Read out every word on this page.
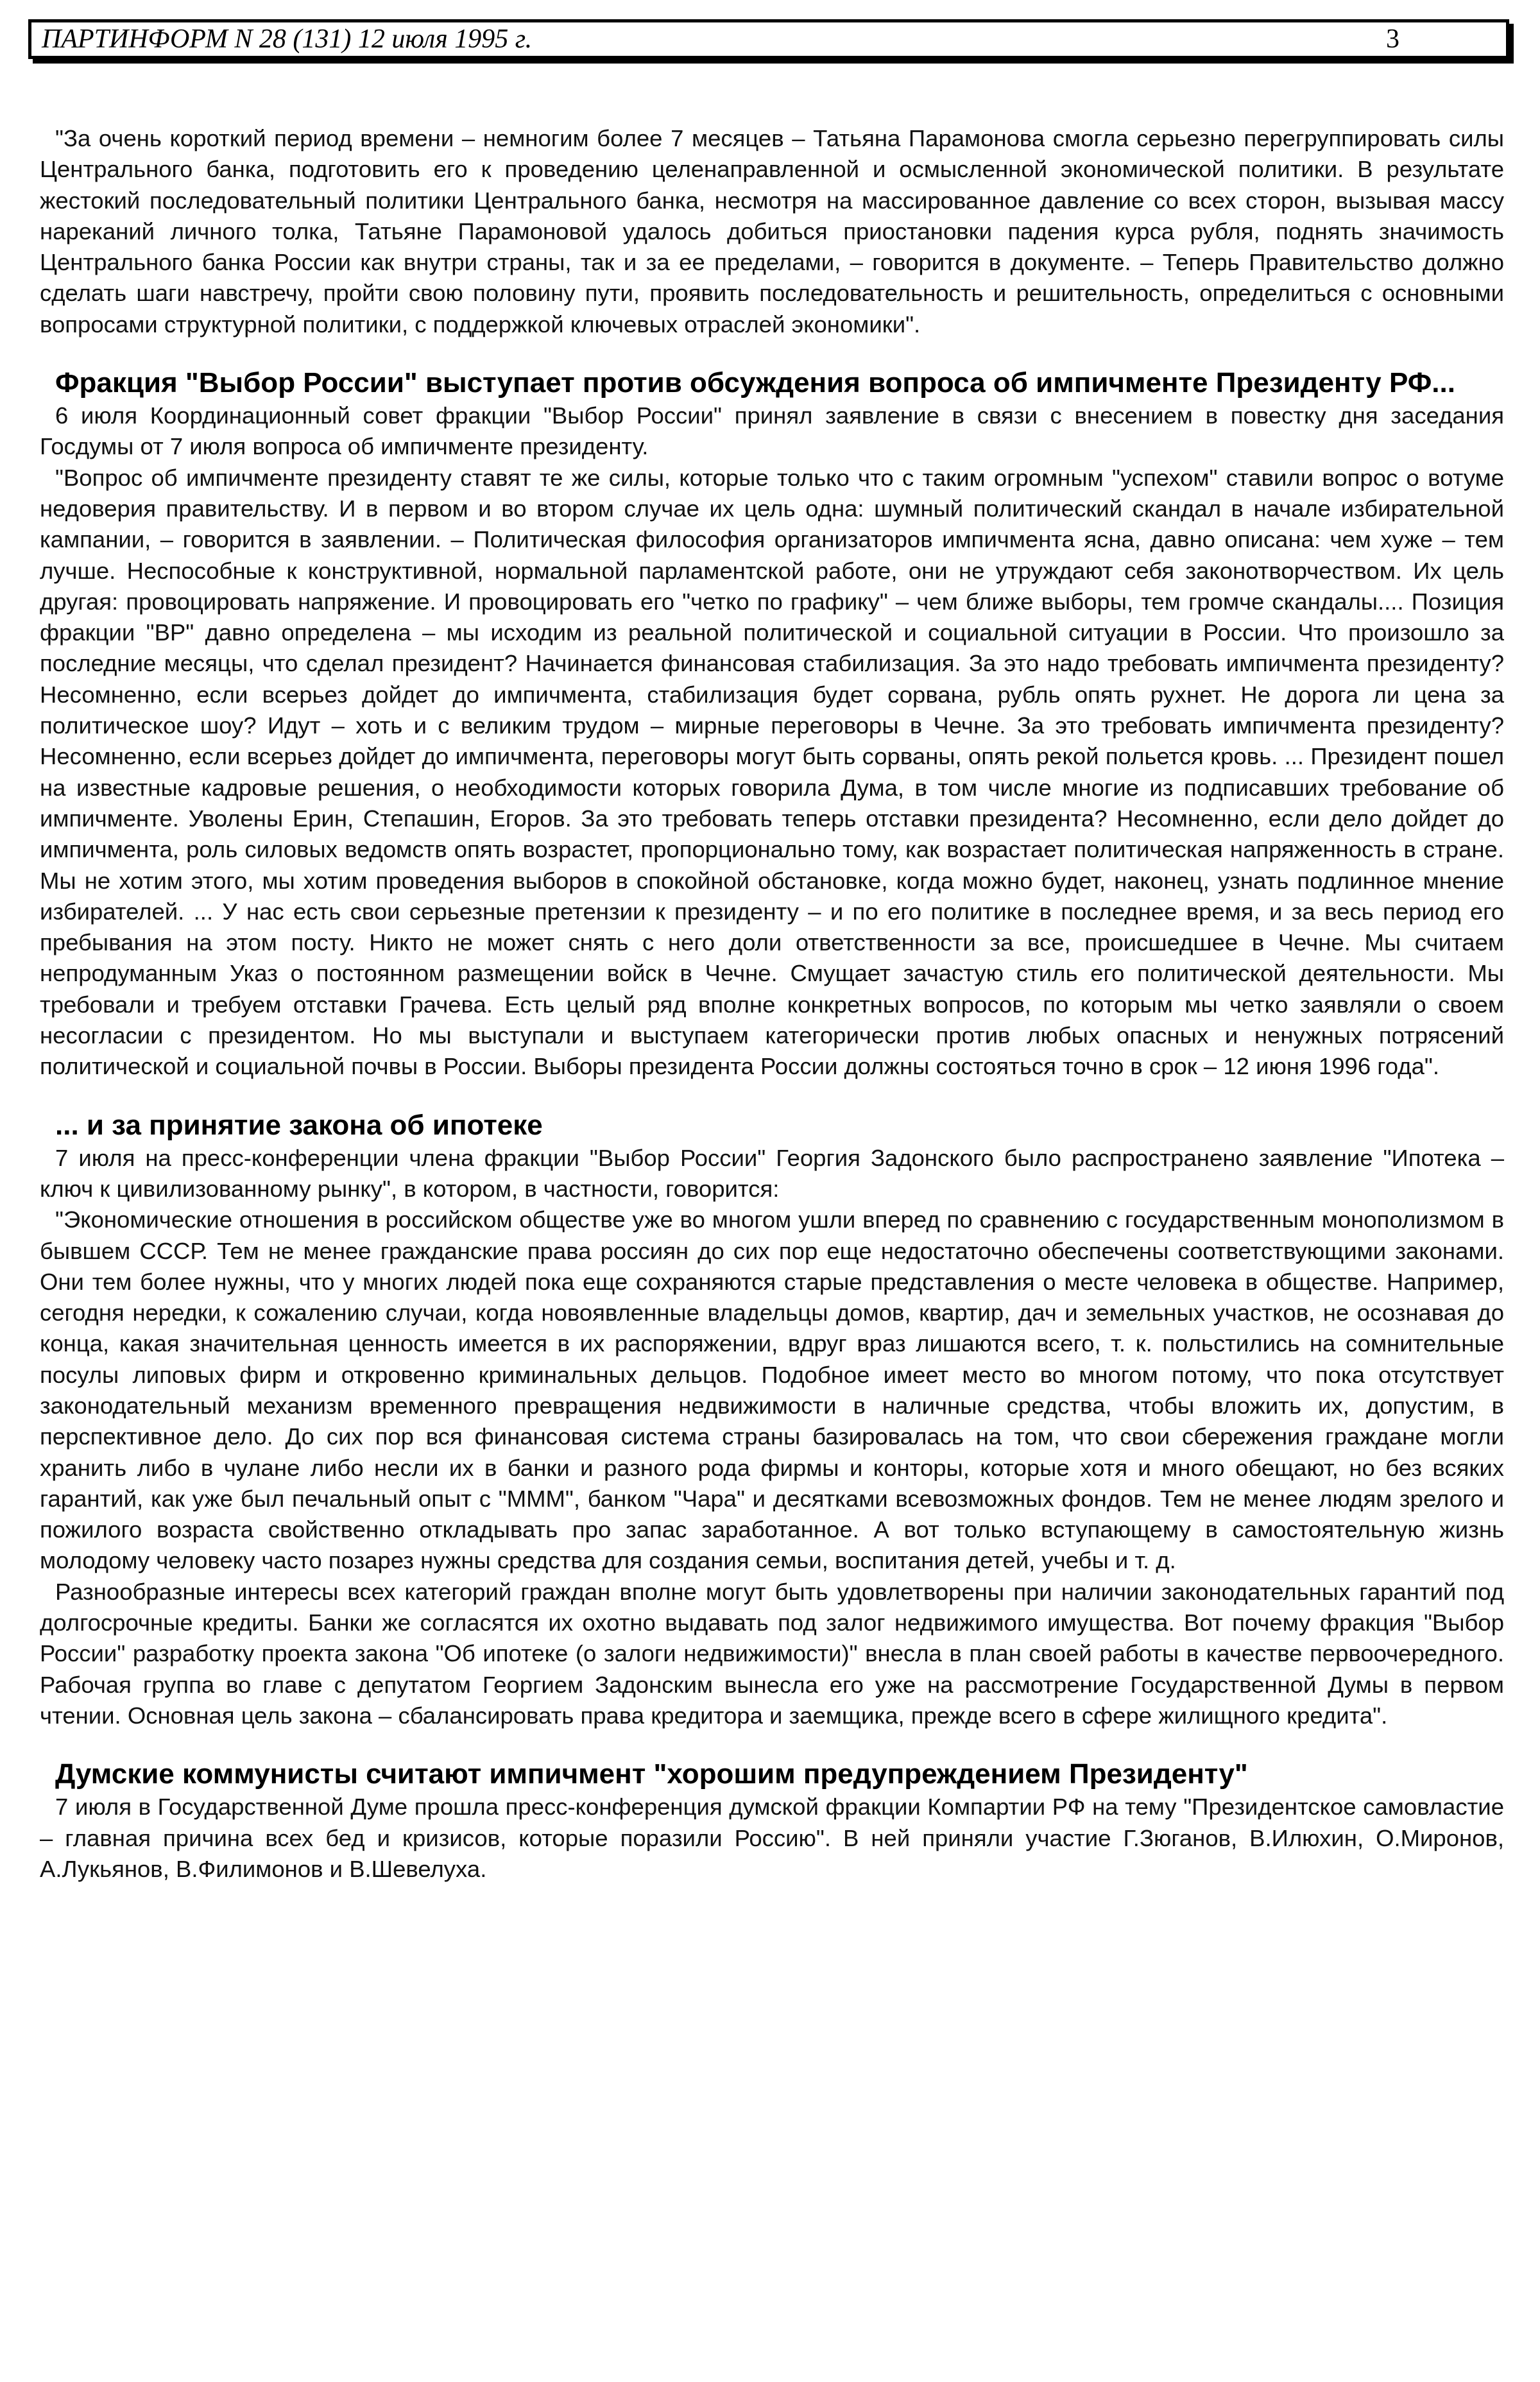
ПАРТИНФОРМ N 28 (131) 12 июля 1995 г.	3

"За очень короткий период времени – немногим более 7 месяцев – Татьяна Парамонова смогла серьезно перегруппировать силы Центрального банка, подготовить его к проведению целенаправленной и осмысленной экономической политики. В результате жестокий последовательный политики Центрального банка, несмотря на массированное давление со всех сторон, вызывая массу нареканий личного толка, Татьяне Парамоновой удалось добиться приостановки падения курса рубля, поднять значимость Центрального банка России как внутри страны, так и за ее пределами, – говорится в документе. – Теперь Правительство должно сделать шаги навстречу, пройти свою половину пути, проявить последовательность и решительность, определиться с основными вопросами структурной политики, с поддержкой ключевых отраслей экономики".

Фракция "Выбор России" выступает против обсуждения вопроса об импичменте Президенту РФ...

6 июля Координационный совет фракции "Выбор России" принял заявление в связи с внесением в повестку дня заседания Госдумы от 7 июля вопроса об импичменте президенту.

"Вопрос об импичменте президенту ставят те же силы, которые только что с таким огромным "успехом" ставили вопрос о вотуме недоверия правительству. И в первом и во втором случае их цель одна: шумный политический скандал в начале избирательной кампании, – говорится в заявлении. – Политическая философия организаторов импичмента ясна, давно описана: чем хуже – тем лучше. Неспособные к конструктивной, нормальной парламентской работе, они не утруждают себя законотворчеством. Их цель другая: провоцировать напряжение. И провоцировать его "четко по графику" – чем ближе выборы, тем громче скандалы.... Позиция фракции "ВР" давно определена – мы исходим из реальной политической и социальной ситуации в России. Что произошло за последние месяцы, что сделал президент? Начинается финансовая стабилизация. За это надо требовать импичмента президенту? Несомненно, если всерьез дойдет до импичмента, стабилизация будет сорвана, рубль опять рухнет. Не дорога ли цена за политическое шоу? Идут – хоть и с великим трудом – мирные переговоры в Чечне. За это требовать импичмента президенту? Несомненно, если всерьез дойдет до импичмента, переговоры могут быть сорваны, опять рекой польется кровь. ... Президент пошел на известные кадровые решения, о необходимости которых говорила Дума, в том числе многие из подписавших требование об импичменте. Уволены Ерин, Степашин, Егоров. За это требовать теперь отставки президента? Несомненно, если дело дойдет до импичмента, роль силовых ведомств опять возрастет, пропорционально тому, как возрастает политическая напряженность в стране. Мы не хотим этого, мы хотим проведения выборов в спокойной обстановке, когда можно будет, наконец, узнать подлинное мнение избирателей. ... У нас есть свои серьезные претензии к президенту – и по его политике в последнее время, и за весь период его пребывания на этом посту. Никто не может снять с него доли ответственности за все, происшедшее в Чечне. Мы считаем непродуманным Указ о постоянном размещении войск в Чечне. Смущает зачастую стиль его политической деятельности. Мы требовали и требуем отставки Грачева. Есть целый ряд вполне конкретных вопросов, по которым мы четко заявляли о своем несогласии с президентом. Но мы выступали и выступаем категорически против любых опасных и ненужных потрясений политической и социальной почвы в России. Выборы президента России должны состояться точно в срок – 12 июня 1996 года".

... и за принятие закона об ипотеке

7 июля на пресс-конференции члена фракции "Выбор России" Георгия Задонского было распространено заявление "Ипотека – ключ к цивилизованному рынку", в котором, в частности, говорится:

"Экономические отношения в российском обществе уже во многом ушли вперед по сравнению с государственным монополизмом в бывшем СССР. Тем не менее гражданские права россиян до сих пор еще недостаточно обеспечены соответствующими законами. Они тем более нужны, что у многих людей пока еще сохраняются старые представления о месте человека в обществе. Например, сегодня нередки, к сожалению случаи, когда новоявленные владельцы домов, квартир, дач и земельных участков, не осознавая до конца, какая значительная ценность имеется в их распоряжении, вдруг враз лишаются всего, т. к. польстились на сомнительные посулы липовых фирм и откровенно криминальных дельцов. Подобное имеет место во многом потому, что пока отсутствует законодательный механизм временного превращения недвижимости в наличные средства, чтобы вложить их, допустим, в перспективное дело. До сих пор вся финансовая система страны базировалась на том, что свои сбережения граждане могли хранить либо в чулане либо несли их в банки и разного рода фирмы и конторы, которые хотя и много обещают, но без всяких гарантий, как уже был печальный опыт с "МММ", банком "Чара" и десятками всевозможных фондов. Тем не менее людям зрелого и пожилого возраста свойственно откладывать про запас заработанное. А вот только вступающему в самостоятельную жизнь молодому человеку часто позарез нужны средства для создания семьи, воспитания детей, учебы и т. д.

Разнообразные интересы всех категорий граждан вполне могут быть удовлетворены при наличии законодательных гарантий под долгосрочные кредиты. Банки же согласятся их охотно выдавать под залог недвижимого имущества. Вот почему фракция "Выбор России" разработку проекта закона "Об ипотеке (о залоги недвижимости)" внесла в план своей работы в качестве первоочередного. Рабочая группа во главе с депутатом Георгием Задонским вынесла его уже на рассмотрение Государственной Думы в первом чтении. Основная цель закона – сбалансировать права кредитора и заемщика, прежде всего в сфере жилищного кредита".

Думские коммунисты считают импичмент "хорошим предупреждением Президенту"

7 июля в Государственной Думе прошла пресс-конференция думской фракции Компартии РФ на тему "Президентское самовластие – главная причина всех бед и кризисов, которые поразили Россию". В ней приняли участие Г.Зюганов, В.Илюхин, О.Миронов, А.Лукьянов, В.Филимонов и В.Шевелуха.
